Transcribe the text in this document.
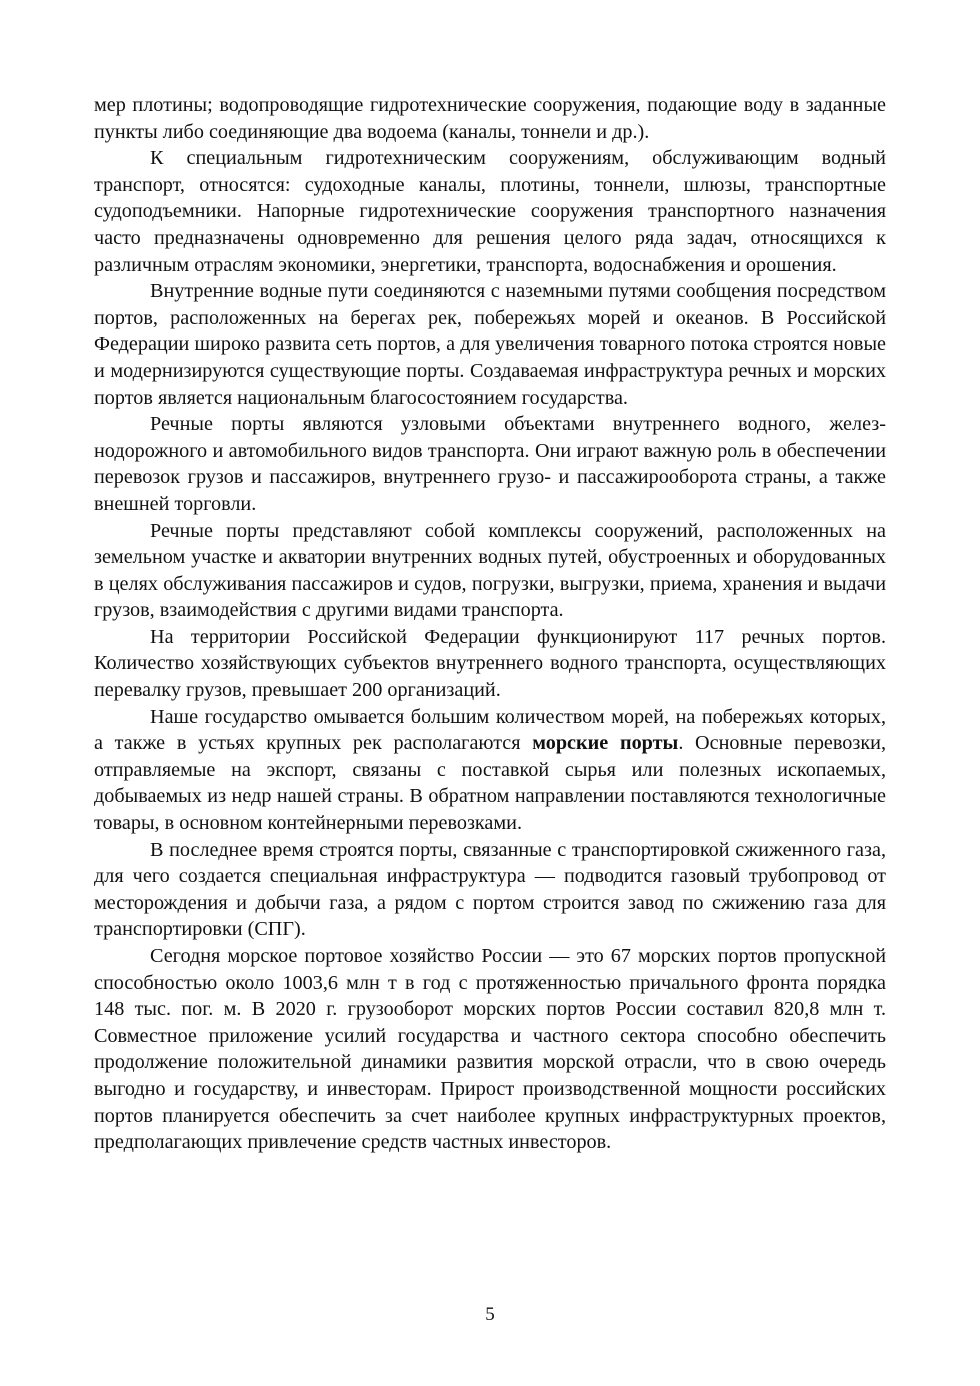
мер плотины; водопроводящие гидротехнические сооружения, подающие воду в заданные пункты либо соединяющие два водоема (каналы, тоннели и др.).

К специальным гидротехническим сооружениям, обслуживающим водный транспорт, относятся: судоходные каналы, плотины, тоннели, шлюзы, транспортные судоподъемники. Напорные гидротехнические сооружения транспортного назначения часто предназначены одновременно для решения целого ряда задач, относящихся к различным отраслям экономики, энергетики, транспорта, водоснабжения и орошения.

Внутренние водные пути соединяются с наземными путями сообщения посредством портов, расположенных на берегах рек, побережьях морей и океанов. В Российской Федерации широко развита сеть портов, а для увеличения товарного потока строятся новые и модернизируются существующие порты. Создаваемая инфраструктура речных и морских портов является национальным благосостоянием государства.

Речные порты являются узловыми объектами внутреннего водного, железнодорожного и автомобильного видов транспорта. Они играют важную роль в обеспечении перевозок грузов и пассажиров, внутреннего грузо- и пассажирооборота страны, а также внешней торговли.

Речные порты представляют собой комплексы сооружений, расположенных на земельном участке и акватории внутренних водных путей, обустроенных и оборудованных в целях обслуживания пассажиров и судов, погрузки, выгрузки, приема, хранения и выдачи грузов, взаимодействия с другими видами транспорта.

На территории Российской Федерации функционируют 117 речных портов. Количество хозяйствующих субъектов внутреннего водного транспорта, осуществляющих перевалку грузов, превышает 200 организаций.

Наше государство омывается большим количеством морей, на побережьях которых, а также в устьях крупных рек располагаются морские порты. Основные перевозки, отправляемые на экспорт, связаны с поставкой сырья или полезных ископаемых, добываемых из недр нашей страны. В обратном направлении поставляются технологичные товары, в основном контейнерными перевозками.

В последнее время строятся порты, связанные с транспортировкой сжиженного газа, для чего создается специальная инфраструктура — подводится газовый трубопровод от месторождения и добычи газа, а рядом с портом строится завод по сжижению газа для транспортировки (СПГ).

Сегодня морское портовое хозяйство России — это 67 морских портов пропускной способностью около 1003,6 млн т в год с протяженностью причального фронта порядка 148 тыс. пог. м. В 2020 г. грузооборот морских портов России составил 820,8 млн т. Совместное приложение усилий государства и частного сектора способно обеспечить продолжение положительной динамики развития морской отрасли, что в свою очередь выгодно и государству, и инвесторам. Прирост производственной мощности российских портов планируется обеспечить за счет наиболее крупных инфраструктурных проектов, предполагающих привлечение средств частных инвесторов.

5
